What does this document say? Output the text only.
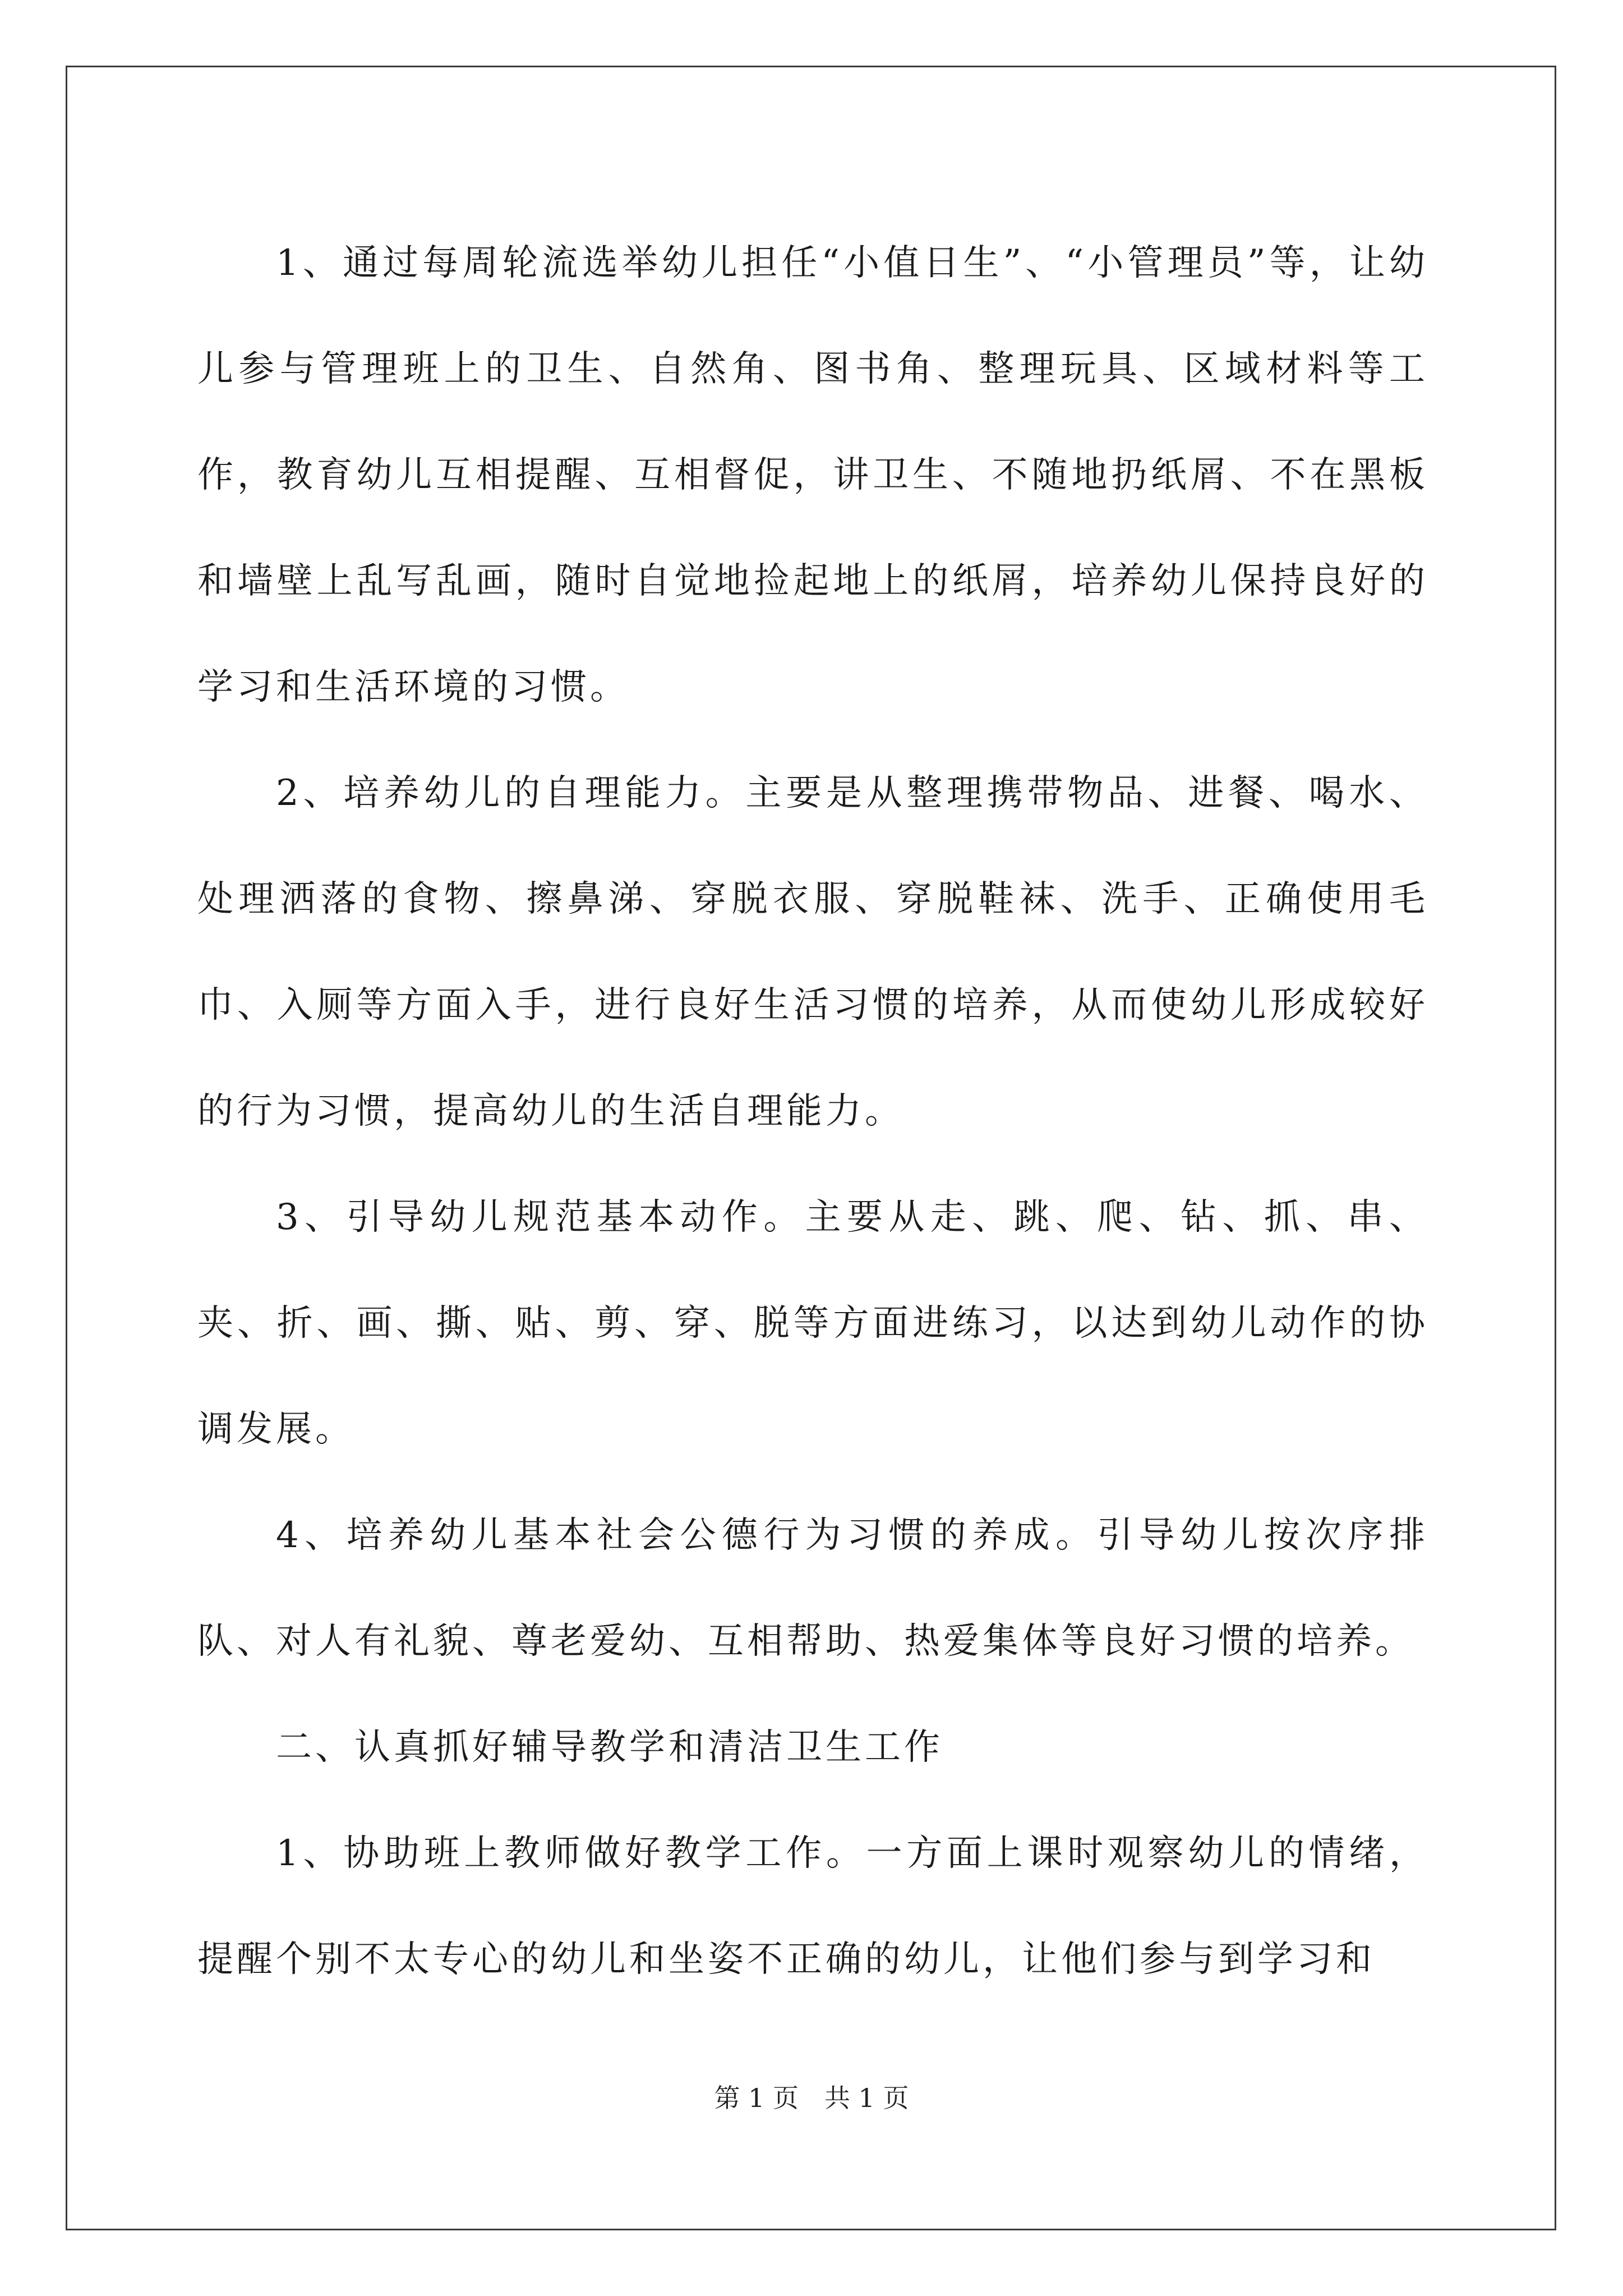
1、通过每周轮流选举幼儿担任“小值日生”、“小管理员”等，让幼儿参与管理班上的卫生、自然角、图书角、整理玩具、区域材料等工作，教育幼儿互相提醒、互相督促，讲卫生、不随地扔纸屑、不在黑板和墙壁上乱写乱画，随时自觉地捡起地上的纸屑，培养幼儿保持良好的学习和生活环境的习惯。

2、培养幼儿的自理能力。主要是从整理携带物品、进餐、喝水、处理洒落的食物、擦鼻涕、穿脱衣服、穿脱鞋袜、洗手、正确使用毛巾、入厕等方面入手，进行良好生活习惯的培养，从而使幼儿形成较好的行为习惯，提高幼儿的生活自理能力。

3、引导幼儿规范基本动作。主要从走、跳、爬、钻、抓、串、夹、折、画、撕、贴、剪、穿、脱等方面进练习，以达到幼儿动作的协调发展。

4、培养幼儿基本社会公德行为习惯的养成。引导幼儿按次序排队、对人有礼貌、尊老爱幼、互相帮助、热爱集体等良好习惯的培养。

二、认真抓好辅导教学和清洁卫生工作

1、协助班上教师做好教学工作。一方面上课时观察幼儿的情绪，提醒个别不太专心的幼儿和坐姿不正确的幼儿，让他们参与到学习和

第 1 页　共 1 页
